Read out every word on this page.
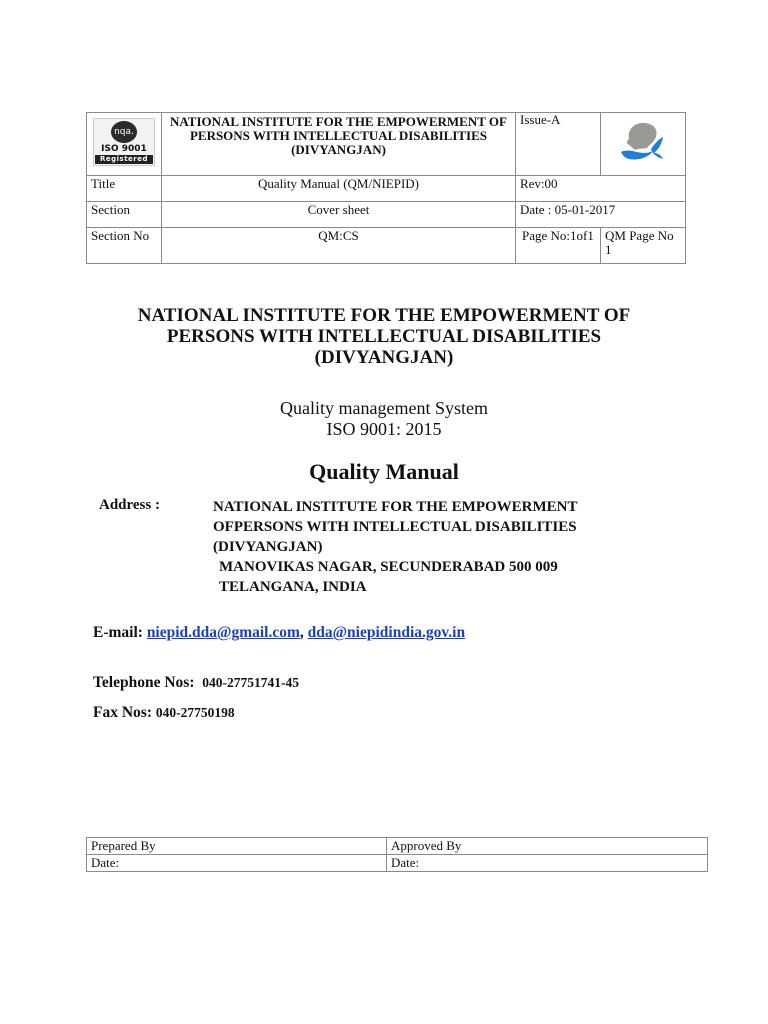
nqa.
ISO 9001
Registered	NATIONAL INSTITUTE FOR THE EMPOWERMENT OF PERSONS WITH INTELLECTUAL DISABILITIES (DIVYANGJAN)	Issue-A	

Title	Quality Manual (QM/NIEPID)	Rev:00	
Section	Cover sheet	Date : 05-01-2017	
Section No	QM:CS	Page No:1of1	QM Page No 1
NATIONAL INSTITUTE FOR THE EMPOWERMENT OF
PERSONS WITH INTELLECTUAL DISABILITIES
(DIVYANGJAN)
Quality management System
ISO 9001: 2015
Quality Manual
Address :	NATIONAL INSTITUTE FOR THE EMPOWERMENT
OFPERSONS WITH INTELLECTUAL DISABILITIES
(DIVYANGJAN)
MANOVIKAS NAGAR, SECUNDERABAD 500 009
TELANGANA, INDIA
E-mail: niepid.dda@gmail.com, dda@niepidindia.gov.in
Telephone Nos: 040-27751741-45
Fax Nos: 040-27750198
Prepared By	Approved By
Date:	Date:
